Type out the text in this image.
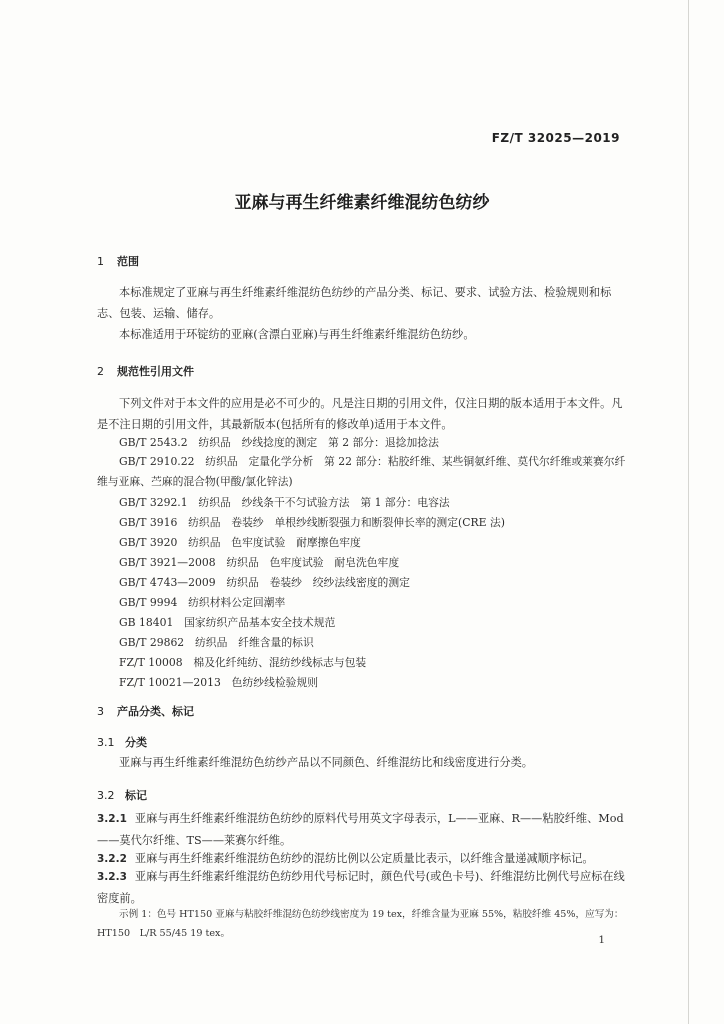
FZ/T 32025—2019
亚麻与再生纤维素纤维混纺色纺纱
1 范围
本标准规定了亚麻与再生纤维素纤维混纺色纺纱的产品分类、标记、要求、试验方法、检验规则和标志、包装、运输、储存。
本标准适用于环锭纺的亚麻(含漂白亚麻)与再生纤维素纤维混纺色纺纱。
2 规范性引用文件
下列文件对于本文件的应用是必不可少的。凡是注日期的引用文件，仅注日期的版本适用于本文件。凡是不注日期的引用文件，其最新版本(包括所有的修改单)适用于本文件。
GB/T 2543.2　纺织品　纱线捻度的测定　第 2 部分：退捻加捻法
GB/T 2910.22　纺织品　定量化学分析　第 22 部分：粘胶纤维、某些铜氨纤维、莫代尔纤维或莱赛尔纤维与亚麻、苎麻的混合物(甲酸/氯化锌法)
GB/T 3292.1　纺织品　纱线条干不匀试验方法　第 1 部分：电容法
GB/T 3916　纺织品　卷装纱　单根纱线断裂强力和断裂伸长率的测定(CRE 法)
GB/T 3920　纺织品　色牢度试验　耐摩擦色牢度
GB/T 3921—2008　纺织品　色牢度试验　耐皂洗色牢度
GB/T 4743—2009　纺织品　卷装纱　绞纱法线密度的测定
GB/T 9994　纺织材料公定回潮率
GB 18401　国家纺织产品基本安全技术规范
GB/T 29862　纺织品　纤维含量的标识
FZ/T 10008　棉及化纤纯纺、混纺纱线标志与包装
FZ/T 10021—2013　色纺纱线检验规则
3 产品分类、标记
3.1 分类
亚麻与再生纤维素纤维混纺色纺纱产品以不同颜色、纤维混纺比和线密度进行分类。
3.2 标记
3.2.1 亚麻与再生纤维素纤维混纺色纺纱的原料代号用英文字母表示，L——亚麻、R——粘胶纤维、Mod——莫代尔纤维、TS——莱赛尔纤维。
3.2.2 亚麻与再生纤维素纤维混纺色纺纱的混纺比例以公定质量比表示，以纤维含量递减顺序标记。
3.2.3 亚麻与再生纤维素纤维混纺色纺纱用代号标记时，颜色代号(或色卡号)、纤维混纺比例代号应标在线密度前。
示例 1：色号 HT150 亚麻与粘胶纤维混纺色纺纱线密度为 19 tex，纤维含量为亚麻 55%，粘胶纤维 45%，应写为：
HT150　L/R 55/45 19 tex。
1
